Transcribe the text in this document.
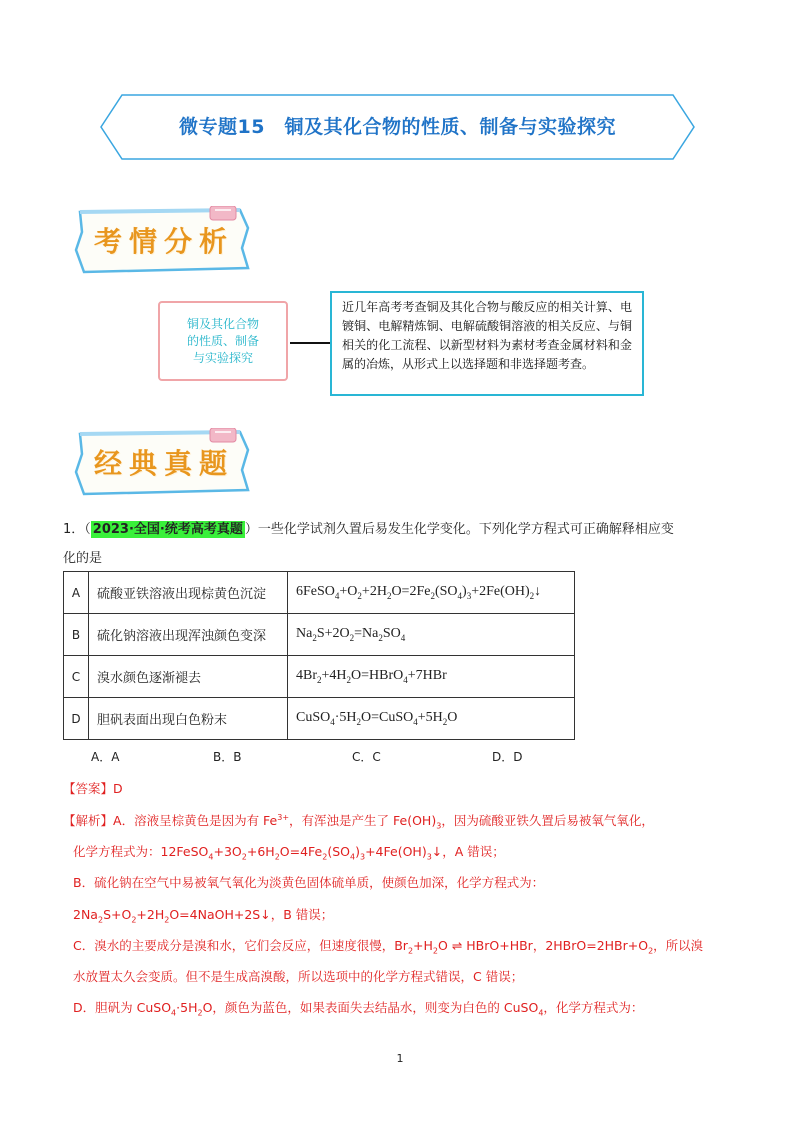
微专题15　铜及其化合物的性质、制备与实验探究
考情分析
铜及其化合物
的性质、制备
与实验探究
近几年高考考查铜及其化合物与酸反应的相关计算、电镀铜、电解精炼铜、电解硫酸铜溶液的相关反应、与铜相关的化工流程、以新型材料为素材考查金属材料和金属的冶炼，从形式上以选择题和非选择题考查。
经典真题
1．（ 2023·全国·统考高考真题 ）一些化学试剂久置后易发生化学变化。下列化学方程式可正确解释相应变
化的是
A	硫酸亚铁溶液出现棕黄色沉淀	$6FeSO_4+O_2+2H_2O=2Fe_2(SO_4)_3+2Fe(OH)_2↓$
B	硫化钠溶液出现浑浊颜色变深	$Na_2S+2O_2=Na_2SO_4$
C	溴水颜色逐渐褪去	$4Br_2+4H_2O=HBrO_4+7HBr$
D	胆矾表面出现白色粉末	$CuSO_4\cdot 5H_2O=CuSO_4+5H_2O$
A．A	B．B	C．C	D．D
【答案】D
【解析】A．溶液呈棕黄色是因为有 $Fe^{3+}$，有浑浊是产生了 $Fe(OH)_3$，因为硫酸亚铁久置后易被氧气氧化，
化学方程式为：$12FeSO_4+3O_2+6H_2O=4Fe_2(SO_4)_3+4Fe(OH)_3↓$，A 错误；
B．硫化钠在空气中易被氧气氧化为淡黄色固体硫单质，使颜色加深，化学方程式为：
$2Na_2S+O_2+2H_2O=4NaOH+2S↓$，B 错误；
C．溴水的主要成分是溴和水，它们会反应，但速度很慢，$Br_2+H_2O$ ⇌ HBrO+HBr，$2HBrO=2HBr+O_2$，所以溴
水放置太久会变质。但不是生成高溴酸，所以选项中的化学方程式错误，C 错误；
D．胆矾为 $CuSO_4\cdot 5H_2O$，颜色为蓝色，如果表面失去结晶水，则变为白色的 CuSO$_4$，化学方程式为：
1
